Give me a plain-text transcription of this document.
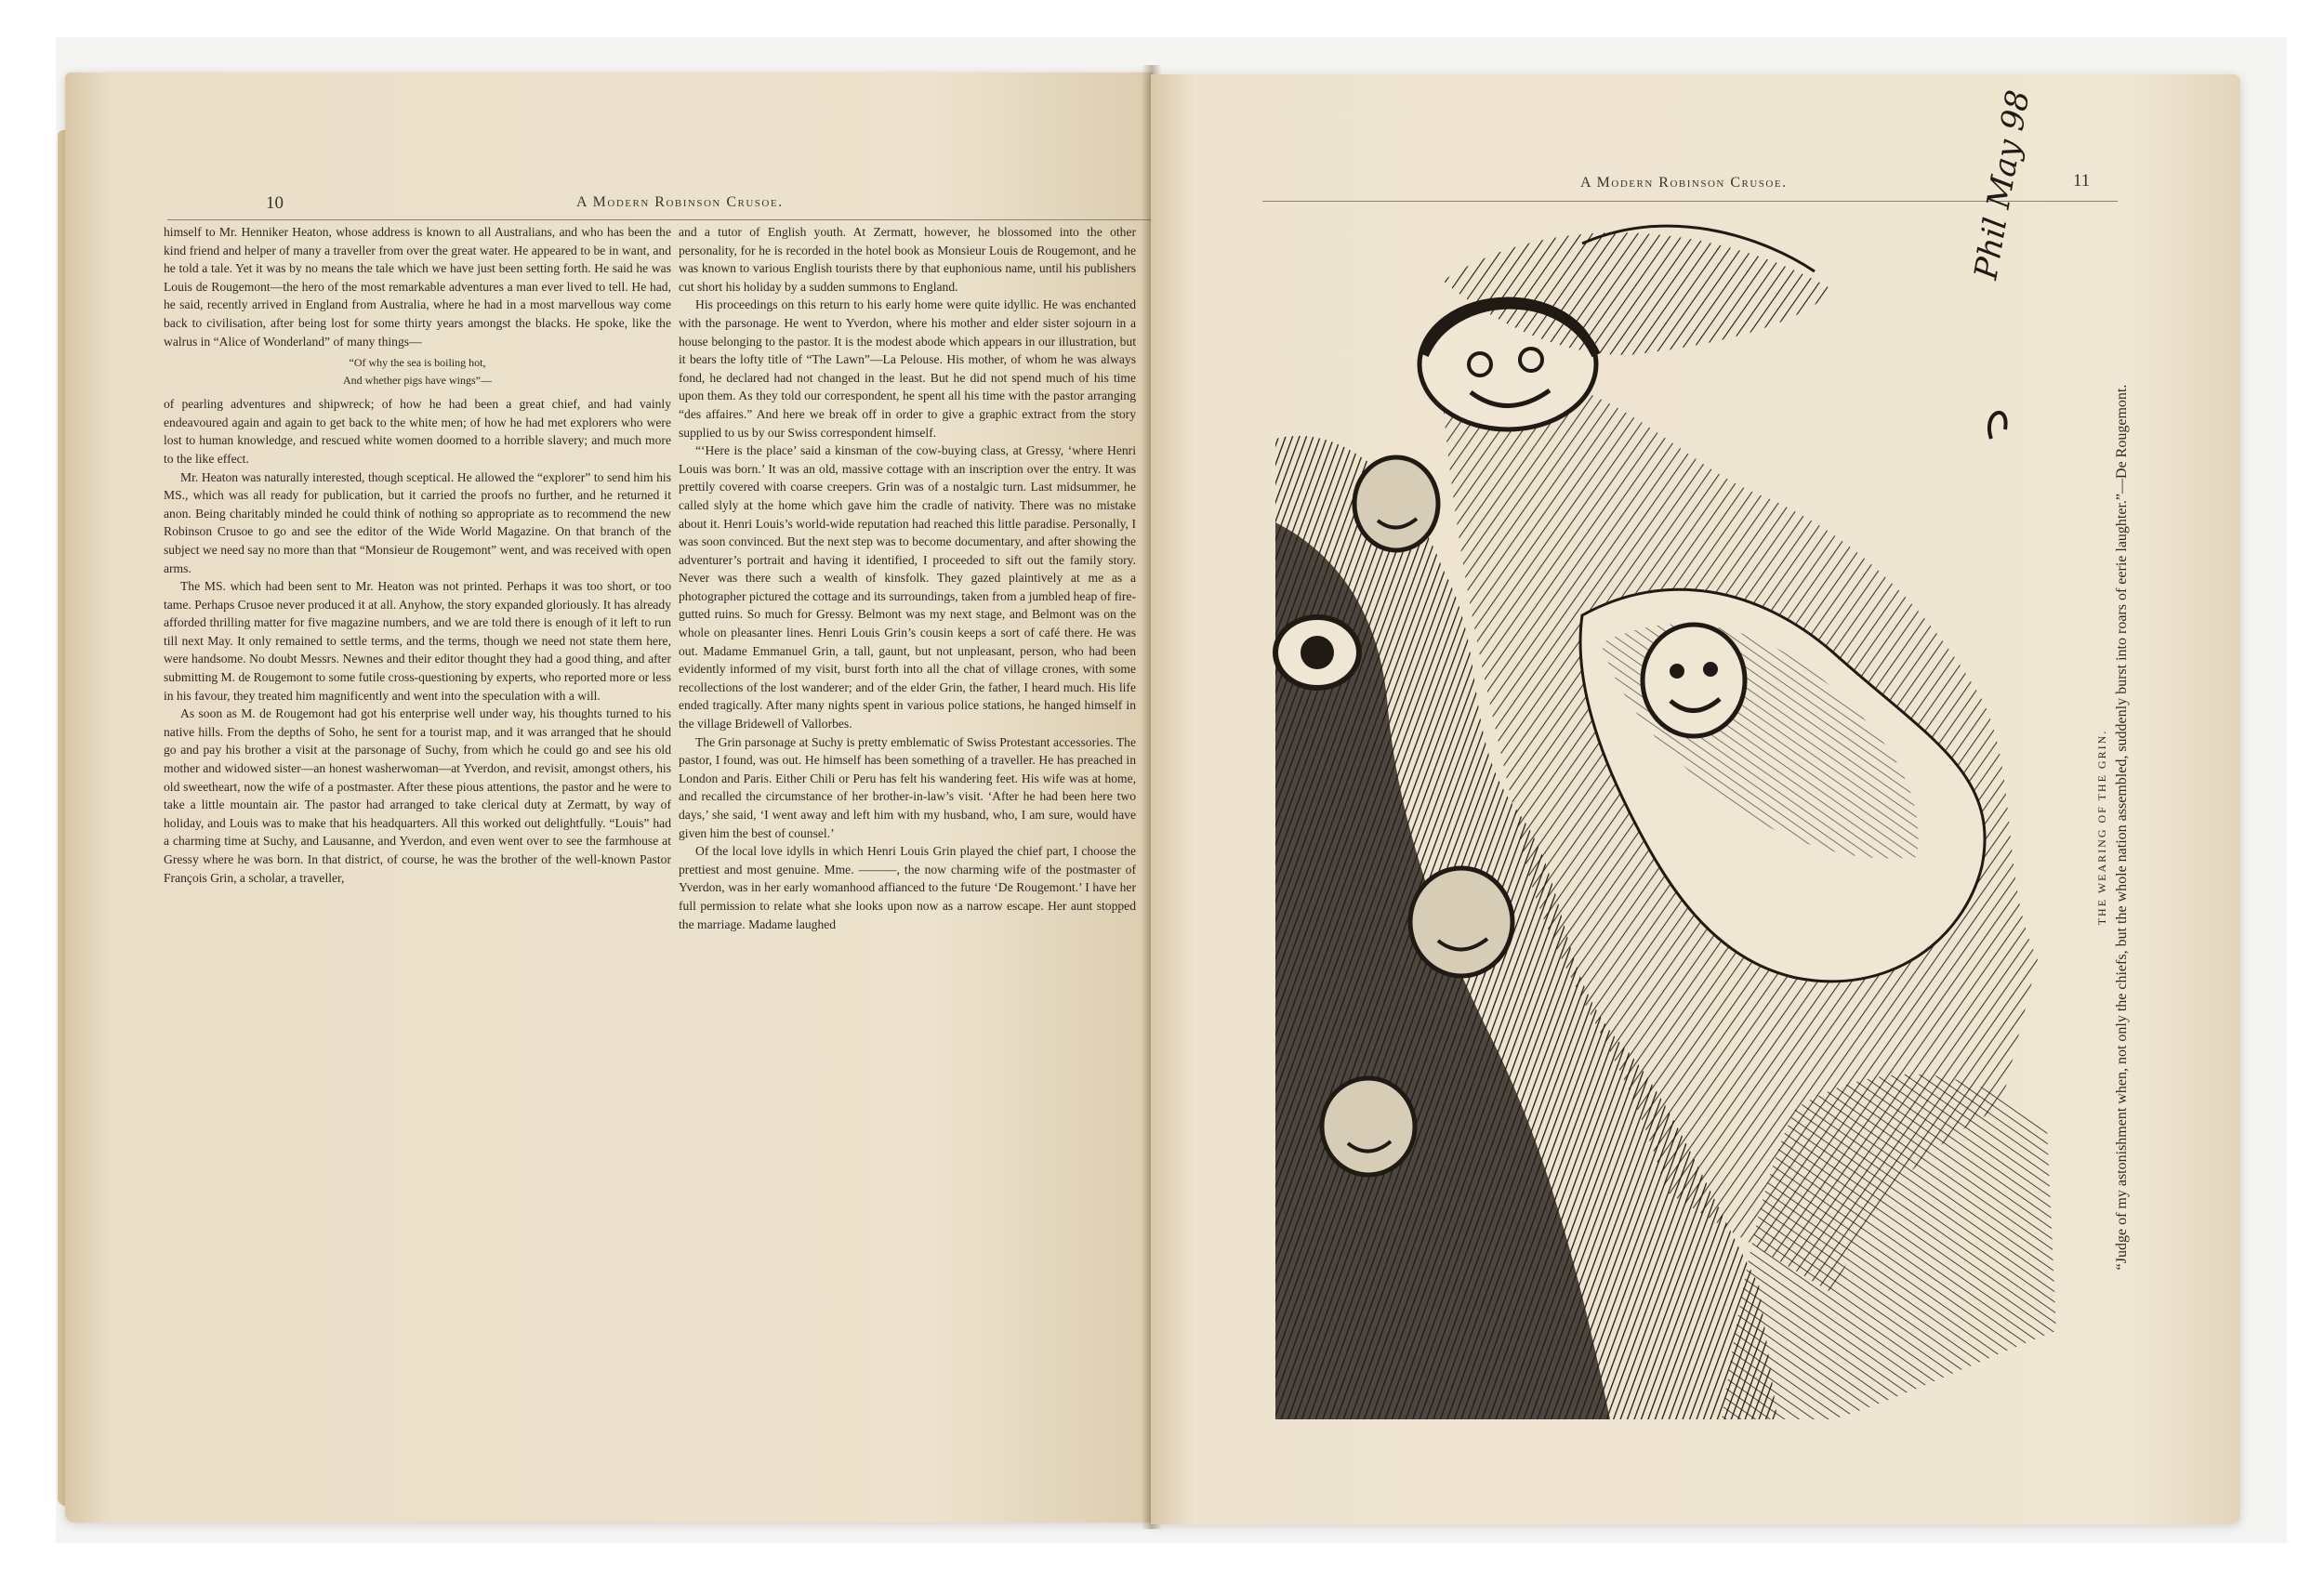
10	A Modern Robinson Crusoe.

himself to Mr. Henniker Heaton, whose address is known to all Australians, and who has been the kind friend and helper of many a traveller from over the great water. He appeared to be in want, and he told a tale. Yet it was by no means the tale which we have just been setting forth. He said he was Louis de Rougemont—the hero of the most remarkable adventures a man ever lived to tell. He had, he said, recently arrived in England from Australia, where he had in a most marvellous way come back to civilisation, after being lost for some thirty years amongst the blacks. He spoke, like the walrus in “Alice of Wonderland” of many things—

“Of why the sea is boiling hot,
And whether pigs have wings”—

of pearling adventures and shipwreck; of how he had been a great chief, and had vainly endeavoured again and again to get back to the white men; of how he had met explorers who were lost to human knowledge, and rescued white women doomed to a horrible slavery; and much more to the like effect.

Mr. Heaton was naturally interested, though sceptical. He allowed the “explorer” to send him his MS., which was all ready for publication, but it carried the proofs no further, and he returned it anon. Being charitably minded he could think of nothing so appropriate as to recommend the new Robinson Crusoe to go and see the editor of the Wide World Magazine. On that branch of the subject we need say no more than that “Monsieur de Rougemont” went, and was received with open arms.

The MS. which had been sent to Mr. Heaton was not printed. Perhaps it was too short, or too tame. Perhaps Crusoe never produced it at all. Anyhow, the story expanded gloriously. It has already afforded thrilling matter for five magazine numbers, and we are told there is enough of it left to run till next May. It only remained to settle terms, and the terms, though we need not state them here, were handsome. No doubt Messrs. Newnes and their editor thought they had a good thing, and after submitting M. de Rougemont to some futile cross-questioning by experts, who reported more or less in his favour, they treated him magnificently and went into the speculation with a will.

As soon as M. de Rougemont had got his enterprise well under way, his thoughts turned to his native hills. From the depths of Soho, he sent for a tourist map, and it was arranged that he should go and pay his brother a visit at the parsonage of Suchy, from which he could go and see his old mother and widowed sister—an honest washerwoman—at Yverdon, and revisit, amongst others, his old sweetheart, now the wife of a postmaster. After these pious attentions, the pastor and he were to take a little mountain air. The pastor had arranged to take clerical duty at Zermatt, by way of holiday, and Louis was to make that his headquarters. All this worked out delightfully. “Louis” had a charming time at Suchy, and Lausanne, and Yverdon, and even went over to see the farmhouse at Gressy where he was born. In that district, of course, he was the brother of the well-known Pastor François Grin, a scholar, a traveller,

and a tutor of English youth. At Zermatt, however, he blossomed into the other personality, for he is recorded in the hotel book as Monsieur Louis de Rougemont, and he was known to various English tourists there by that euphonious name, until his publishers cut short his holiday by a sudden summons to England.

His proceedings on this return to his early home were quite idyllic. He was enchanted with the parsonage. He went to Yverdon, where his mother and elder sister sojourn in a house belonging to the pastor. It is the modest abode which appears in our illustration, but it bears the lofty title of “The Lawn”—La Pelouse. His mother, of whom he was always fond, he declared had not changed in the least. But he did not spend much of his time upon them. As they told our correspondent, he spent all his time with the pastor arranging “des affaires.” And here we break off in order to give a graphic extract from the story supplied to us by our Swiss correspondent himself.

“‘Here is the place’ said a kinsman of the cow-buying class, at Gressy, ‘where Henri Louis was born.’ It was an old, massive cottage with an inscription over the entry. It was prettily covered with coarse creepers. Grin was of a nostalgic turn. Last midsummer, he called slyly at the home which gave him the cradle of nativity. There was no mistake about it. Henri Louis’s world-wide reputation had reached this little paradise. Personally, I was soon convinced. But the next step was to become documentary, and after showing the adventurer’s portrait and having it identified, I proceeded to sift out the family story. Never was there such a wealth of kinsfolk. They gazed plaintively at me as a photographer pictured the cottage and its surroundings, taken from a jumbled heap of fire-gutted ruins. So much for Gressy. Belmont was my next stage, and Belmont was on the whole on pleasanter lines. Henri Louis Grin’s cousin keeps a sort of café there. He was out. Madame Emmanuel Grin, a tall, gaunt, but not unpleasant, person, who had been evidently informed of my visit, burst forth into all the chat of village crones, with some recollections of the lost wanderer; and of the elder Grin, the father, I heard much. His life ended tragically. After many nights spent in various police stations, he hanged himself in the village Bridewell of Vallorbes.

The Grin parsonage at Suchy is pretty emblematic of Swiss Protestant accessories. The pastor, I found, was out. He himself has been something of a traveller. He has preached in London and Paris. Either Chili or Peru has felt his wandering feet. His wife was at home, and recalled the circumstance of her brother-in-law’s visit. ‘After he had been here two days,’ she said, ‘I went away and left him with my husband, who, I am sure, would have given him the best of counsel.’

Of the local love idylls in which Henri Louis Grin played the chief part, I choose the prettiest and most genuine. Mme. ———, the now charming wife of the postmaster of Yverdon, was in her early womanhood affianced to the future ‘De Rougemont.’ I have her full permission to relate what she looks upon now as a narrow escape. Her aunt stopped the marriage. Madame laughed

A Modern Robinson Crusoe.	11
Phil May 98
THE WEARING OF THE GRIN. “Judge of my astonishment when, not only the chiefs, but the whole nation assembled, suddenly burst into roars of eerie laughter.”—De Rougemont.
